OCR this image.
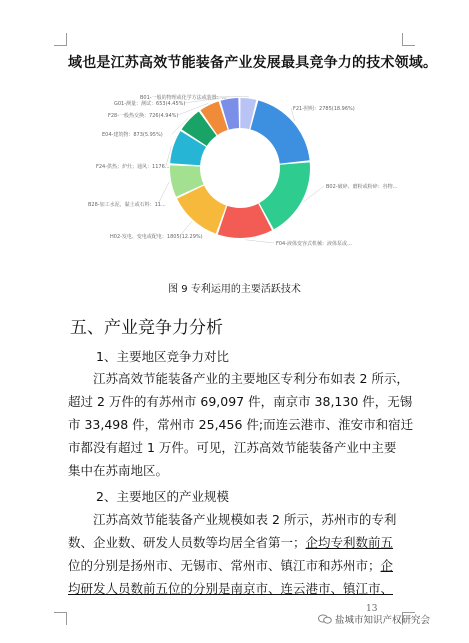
域也是江苏高效节能装备产业发展最具竞争力的技术领域。
F21-照明：2785(18.96%)
B02-破碎、磨粉或粉碎：谷物...
F04-液体变容式机械：液体泵或...
H02-发电、变电或配电：1805(12.29%)
B28-加工水泥、黏土或石料：11...
F24-供热；炉灶；通风：1176...
E04-建筑物：873(5.95%)
F28-一般热交换：726(4.94%)
G01-测量：测试：653(4.45%)
B01-一般的物理或化学方法或装置：...
图 9 专利运用的主要活跃技术
五、产业竞争力分析
1、主要地区竞争力对比
江苏高效节能装备产业的主要地区专利分布如表 2 所示，
超过 2 万件的有苏州市 69,097 件，南京市 38,130 件，无锡
市 33,498 件，常州市 25,456 件;而连云港市、淮安市和宿迁
市都没有超过 1 万件。可见，江苏高效节能装备产业中主要
集中在苏南地区。
2、主要地区的产业规模
江苏高效节能装备产业规模如表 2 所示，苏州市的专利
数、企业数、研发人员数等均居全省第一；企均专利数前五
位的分别是扬州市、无锡市、常州市、镇江市和苏州市；企
均研发人员数前五位的分别是南京市、连云港市、镇江市、
13
盐城市知识产权研究会
